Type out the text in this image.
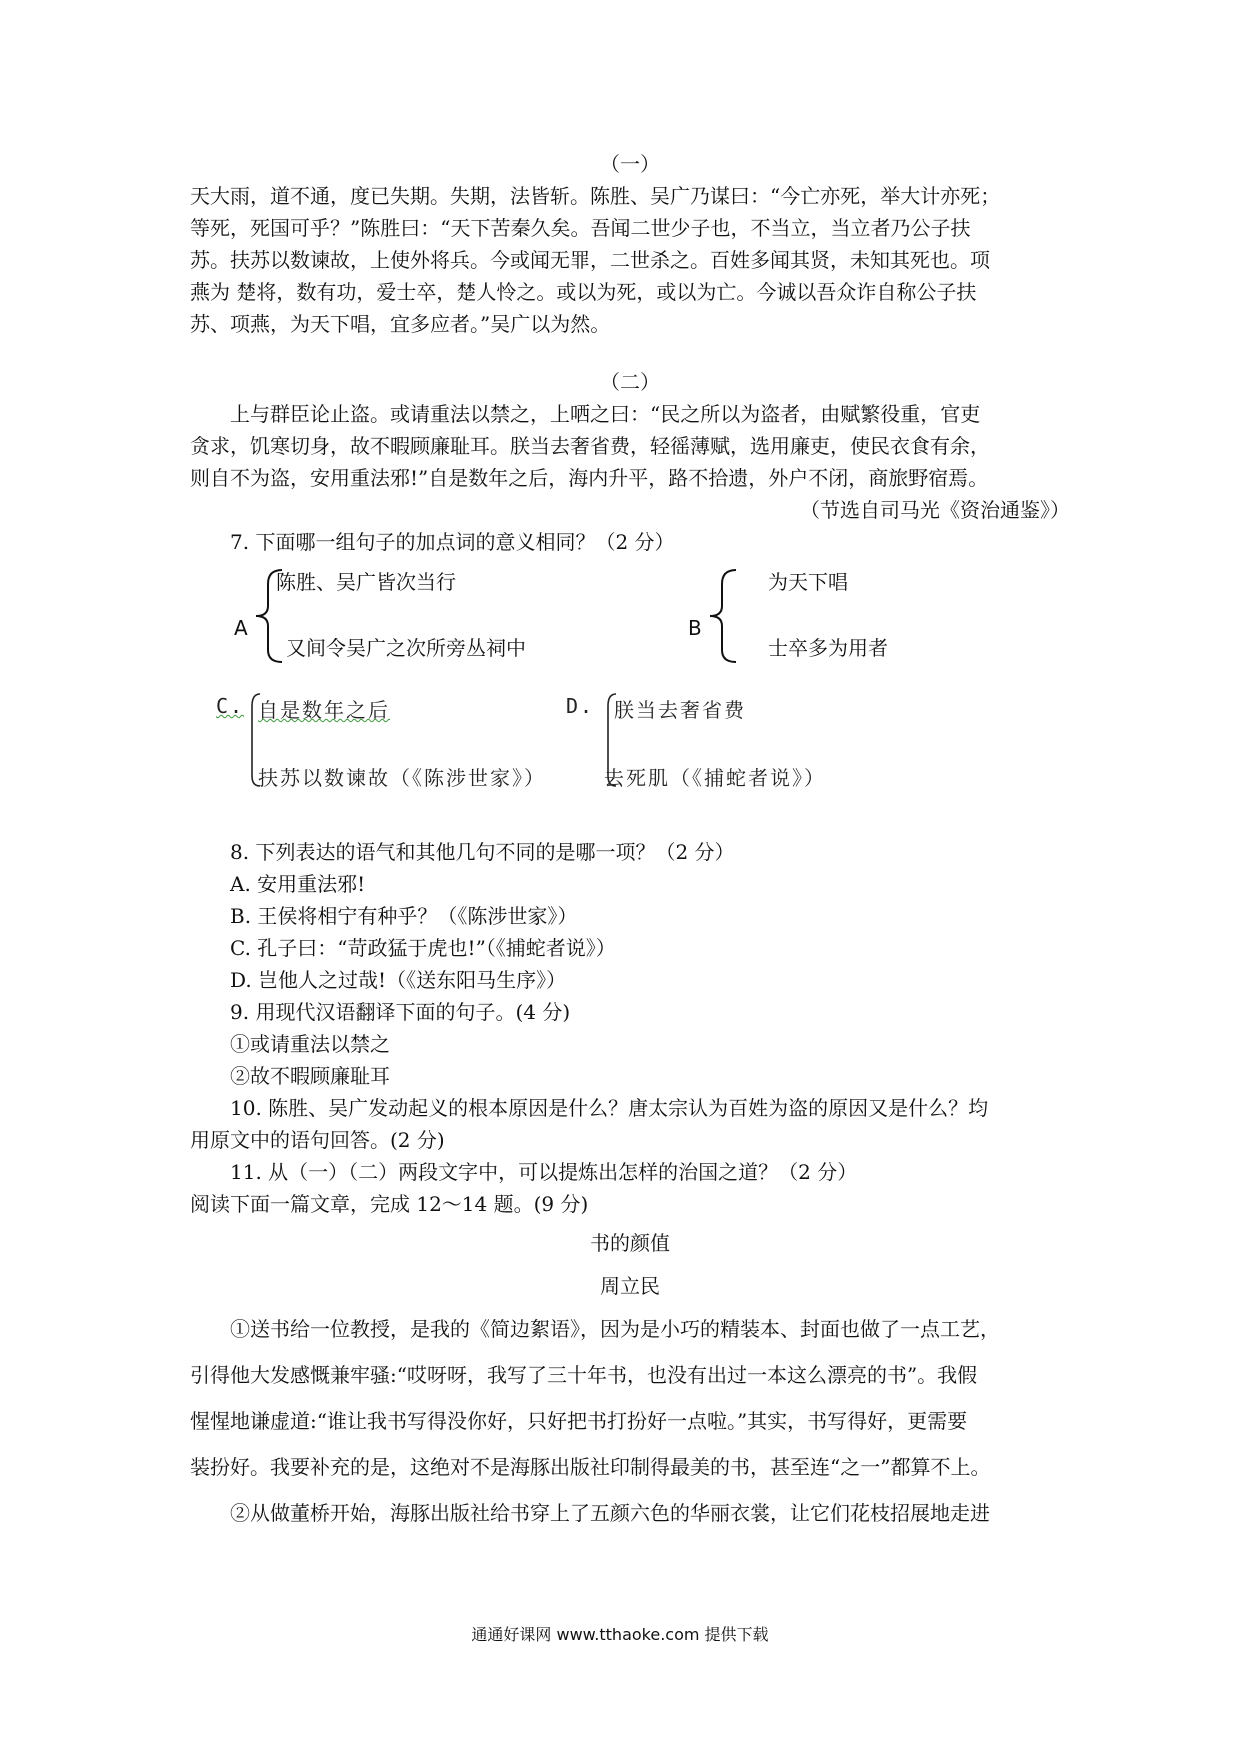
（一）
天大雨，道不通，度已失期。失期，法皆斩。陈胜、吴广乃谋曰：“今亡亦死，举大计亦死；
等死，死国可乎？”陈胜曰：“天下苦秦久矣。吾闻二世少子也，不当立，当立者乃公子扶
苏。扶苏以数谏故，上使外将兵。今或闻无罪，二世杀之。百姓多闻其贤，未知其死也。项
燕为 楚将，数有功，爱士卒，楚人怜之。或以为死，或以为亡。今诚以吾众诈自称公子扶
苏、项燕，为天下唱，宜多应者。”吴广以为然。
（二）
上与群臣论止盗。或请重法以禁之，上哂之曰：“民之所以为盗者，由赋繁役重，官吏
贪求，饥寒切身，故不暇顾廉耻耳。朕当去奢省费，轻徭薄赋，选用廉吏，使民衣食有余，
则自不为盗，安用重法邪!”自是数年之后，海内升平，路不拾遗，外户不闭，商旅野宿焉。
（节选自司马光《资治通鉴》）
7. 下面哪一组句子的加点词的意义相同？（2 分）
A
陈胜、吴广皆次当行
又间令吴广之次所旁丛祠中
B
为天下唱
士卒多为用者
C. 自是数年之后
扶苏以数谏故（《陈涉世家》）
D. 朕当去奢省费
去死肌（《捕蛇者说》）
8. 下列表达的语气和其他几句不同的是哪一项？（2 分）
A. 安用重法邪!
B. 王侯将相宁有种乎？（《陈涉世家》）
C. 孔子曰：“苛政猛于虎也!”（《捕蛇者说》）
D. 岂他人之过哉!（《送东阳马生序》）
9. 用现代汉语翻译下面的句子。(4 分)
①或请重法以禁之
②故不暇顾廉耻耳
10. 陈胜、吴广发动起义的根本原因是什么？唐太宗认为百姓为盗的原因又是什么？均
用原文中的语句回答。(2 分)
11. 从（一）（二）两段文字中，可以提炼出怎样的治国之道？（2 分）
阅读下面一篇文章，完成 12～14 题。(9 分)
书的颜值
周立民
①送书给一位教授，是我的《简边絮语》，因为是小巧的精装本、封面也做了一点工艺，
引得他大发感慨兼牢骚:“哎呀呀，我写了三十年书，也没有出过一本这么漂亮的书”。我假
惺惺地谦虚道:“谁让我书写得没你好，只好把书打扮好一点啦。”其实，书写得好，更需要
装扮好。我要补充的是，这绝对不是海豚出版社印制得最美的书，甚至连“之一”都算不上。
②从做董桥开始，海豚出版社给书穿上了五颜六色的华丽衣裳，让它们花枝招展地走进
通通好课网 www.tthaoke.com 提供下载
